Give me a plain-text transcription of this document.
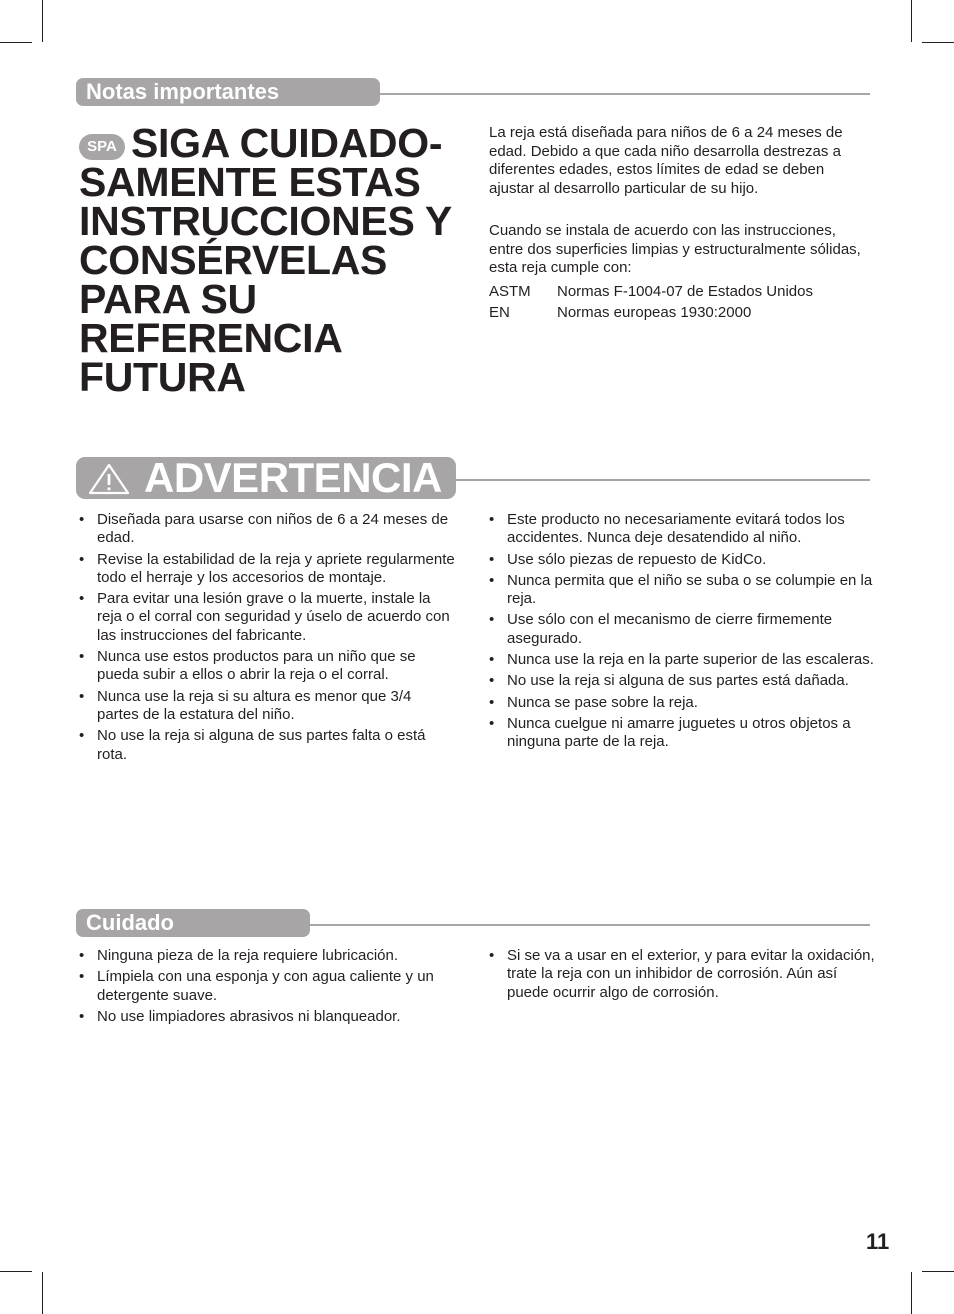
Notas importantes
SPA SIGA CUIDADO-SAMENTE ESTAS INSTRUCCIONES Y CONSÉRVELAS PARA SU REFERENCIA FUTURA

La reja está diseñada para niños de 6 a 24 meses de edad. Debido a que cada niño desarrolla destrezas a diferentes edades, estos límites de edad se deben ajustar al desarrollo particular de su hijo.

Cuando se instala de acuerdo con las instrucciones, entre dos superficies limpias y estructuralmente sólidas, esta reja cumple con:

ASTM	Normas F-1004-07 de Estados Unidos
EN	Normas europeas 1930:2000
ADVERTENCIA
• Diseñada para usarse con niños de 6 a 24 meses de edad.
• Revise la estabilidad de la reja y apriete regularmente todo el herraje y los accesorios de montaje.
• Para evitar una lesión grave o la muerte, instale la reja o el corral con seguridad y úselo de acuerdo con las instrucciones del fabricante.
• Nunca use estos productos para un niño que se pueda subir a ellos o abrir la reja o el corral.
• Nunca use la reja si su altura es menor que 3/4 partes de la estatura del niño.
• No use la reja si alguna de sus partes falta o está rota.
• Este producto no necesariamente evitará todos los accidentes. Nunca deje desatendido al niño.
• Use sólo piezas de repuesto de KidCo.
• Nunca permita que el niño se suba o se columpie en la reja.
• Use sólo con el mecanismo de cierre firmemente asegurado.
• Nunca use la reja en la parte superior de las escaleras.
• No use la reja si alguna de sus partes está dañada.
• Nunca se pase sobre la reja.
• Nunca cuelgue ni amarre juguetes u otros objetos a ninguna parte de la reja.
Cuidado
• Ninguna pieza de la reja requiere lubricación.
• Límpiela con una esponja y con agua caliente y un detergente suave.
• No use limpiadores abrasivos ni blanqueador.
• Si se va a usar en el exterior, y para evitar la oxidación, trate la reja con un inhibidor de corrosión. Aún así puede ocurrir algo de corrosión.
11
